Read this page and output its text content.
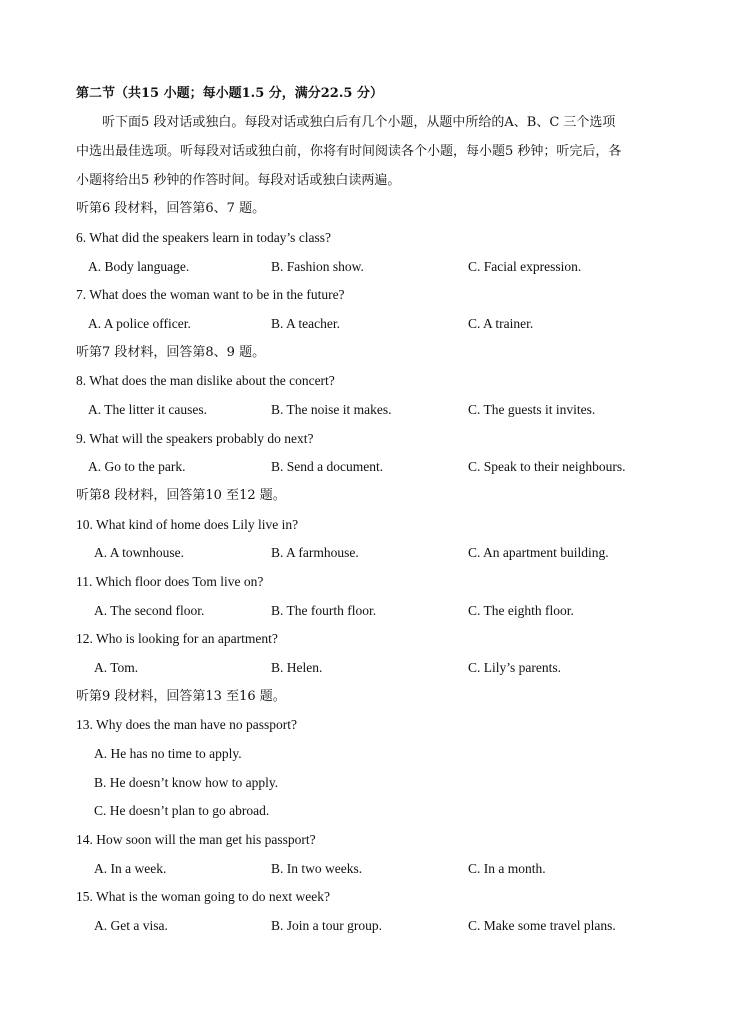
第二节（共15 小题；每小题1.5 分，满分22.5 分）
听下面5 段对话或独白。每段对话或独白后有几个小题，从题中所给的A、B、C 三个选项
中选出最佳选项。听每段对话或独白前，你将有时间阅读各个小题，每小题5 秒钟；听完后，各
小题将给出5 秒钟的作答时间。每段对话或独白读两遍。
听第6 段材料，回答第6、7 题。
6. What did the speakers learn in today’s class?
A. Body language.	B. Fashion show.	C. Facial expression.
7. What does the woman want to be in the future?
A. A police officer.	B. A teacher.	C. A trainer.
听第7 段材料，回答第8、9 题。
8. What does the man dislike about the concert?
A. The litter it causes.	B. The noise it makes.	C. The guests it invites.
9. What will the speakers probably do next?
A. Go to the park.	B. Send a document.	C. Speak to their neighbours.
听第8 段材料，回答第10 至12 题。
10. What kind of home does Lily live in?
A. A townhouse.	B. A farmhouse.	C. An apartment building.
11. Which floor does Tom live on?
A. The second floor.	B. The fourth floor.	C. The eighth floor.
12. Who is looking for an apartment?
A. Tom.	B. Helen.	C. Lily’s parents.
听第9 段材料，回答第13 至16 题。
13. Why does the man have no passport?
A. He has no time to apply.
B. He doesn’t know how to apply.
C. He doesn’t plan to go abroad.
14. How soon will the man get his passport?
A. In a week.	B. In two weeks.	C. In a month.
15. What is the woman going to do next week?
A. Get a visa.	B. Join a tour group.	C. Make some travel plans.
